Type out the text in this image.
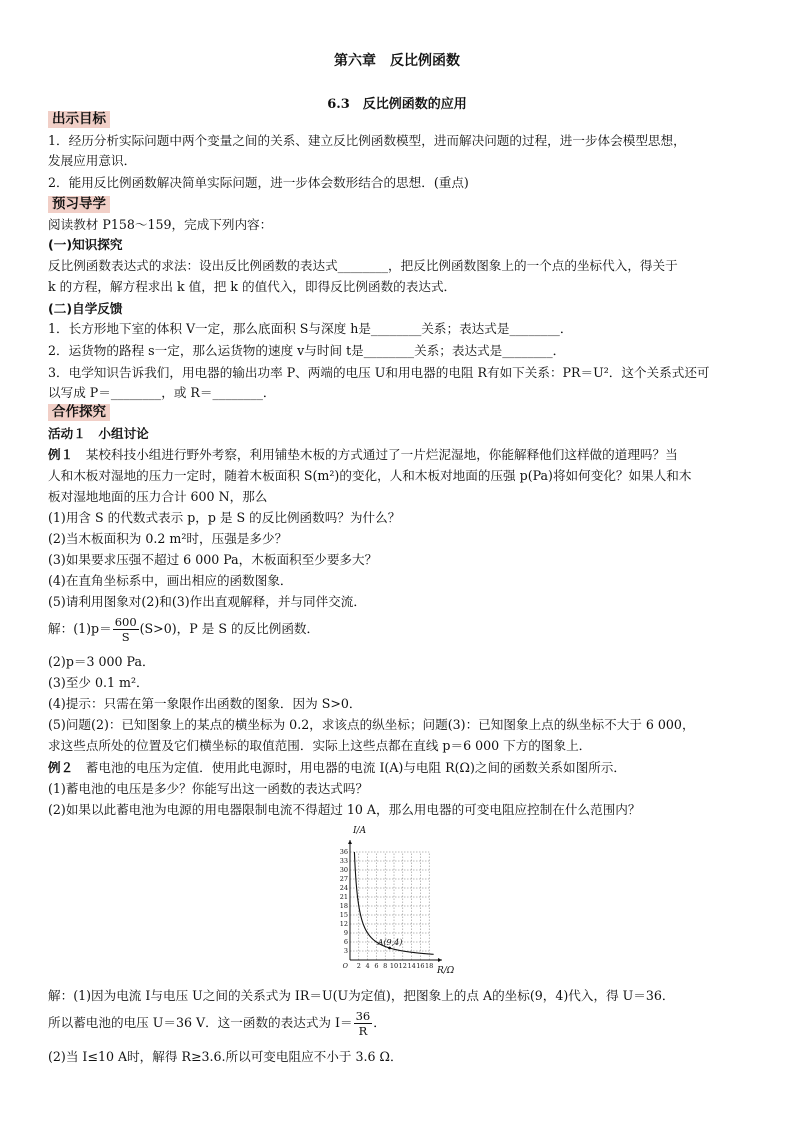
第六章　反比例函数
6.3　反比例函数的应用
出示目标
1．经历分析实际问题中两个变量之间的关系、建立反比例函数模型，进而解决问题的过程，进一步体会模型思想，
发展应用意识．
2．能用反比例函数解决简单实际问题，进一步体会数形结合的思想．(重点)
预习导学
阅读教材 P158～159，完成下列内容：
(一)知识探究
反比例函数表达式的求法：设出反比例函数的表达式________，把反比例函数图象上的一个点的坐标代入，得关于
k 的方程，解方程求出 k 值，把 k 的值代入，即得反比例函数的表达式．
(二)自学反馈
1．长方形地下室的体积 V一定，那么底面积 S与深度 h是________关系；表达式是________．
2．运货物的路程 s一定，那么运货物的速度 v与时间 t是________关系；表达式是________．
3．电学知识告诉我们，用电器的输出功率 P、两端的电压 U和用电器的电阻 R有如下关系：PR＝U²．这个关系式还可
以写成 P＝________，或 R＝________．
合作探究
活动１　小组讨论
例１　某校科技小组进行野外考察，利用铺垫木板的方式通过了一片烂泥湿地，你能解释他们这样做的道理吗？当
人和木板对湿地的压力一定时，随着木板面积 S(m²)的变化，人和木板对地面的压强 p(Pa)将如何变化？如果人和木
板对湿地地面的压力合计 600 N，那么
(1)用含 S 的代数式表示 p，p 是 S 的反比例函数吗？为什么？
(2)当木板面积为 0.2 m²时，压强是多少？
(3)如果要求压强不超过 6 000 Pa，木板面积至少要多大？
(4)在直角坐标系中，画出相应的函数图象．
(5)请利用图象对(2)和(3)作出直观解释，并与同伴交流．
解：$(1)p= \frac{600}{S} (S>0)$，P 是 S 的反比例函数．
(2)p＝3 000 Pa．
(3)至少 0.1 m²．
(4)提示：只需在第一象限作出函数的图象．因为 S>0．
(5)问题(2)：已知图象上的某点的横坐标为 0.2，求该点的纵坐标；问题(3)：已知图象上点的纵坐标不大于 6 000，
求这些点所处的位置及它们横坐标的取值范围．实际上这些点都在直线 p＝6 000 下方的图象上．
例２　蓄电池的电压为定值．使用此电源时，用电器的电流 I(A)与电阻 R(Ω)之间的函数关系如图所示．
(1)蓄电池的电压是多少？你能写出这一函数的表达式吗？
(2)如果以此蓄电池为电源的用电器限制电流不得超过 10 A，那么用电器的可变电阻应控制在什么范围内？
2 4 6 8 10 12 14 16 18
3
6
9
12
15
18
21
24
27
30
33
36
O
A(9,4)
I/A
R/Ω
解：(1)因为电流 I与电压 U之间的关系式为 IR＝U(U为定值)，把图象上的点 A的坐标(9，4)代入，得 U＝36．
所以蓄电池的电压 U＝36 V．这一函数的表达式为 $I= \frac{36}{R}$ ．
(2)当 I≤10 A时，解得 R≥3.6.所以可变电阻应不小于 3.6 Ω．
